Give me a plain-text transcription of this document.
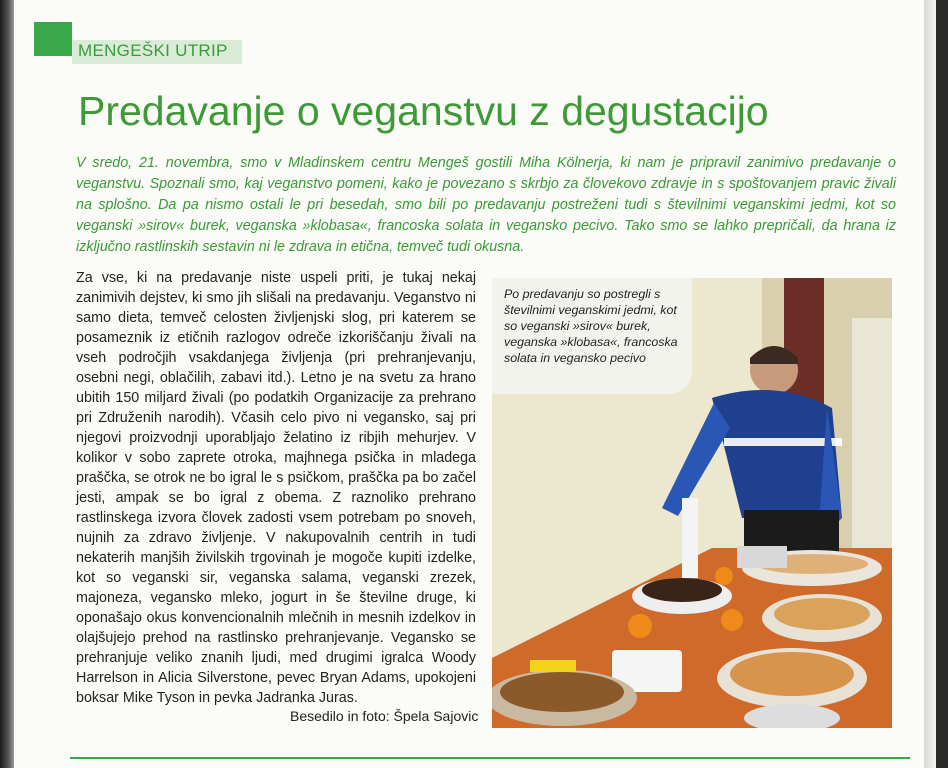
MENGEŠKI UTRIP
Predavanje o veganstvu z degustacijo

V sredo, 21. novembra, smo v Mladinskem centru Mengeš gostili Miha Kölnerja, ki nam je pripravil zanimivo predavanje o veganstvu. Spoznali smo, kaj veganstvo pomeni, kako je povezano s skrbjo za človekovo zdravje in s spoštovanjem pravic živali na splošno. Da pa nismo ostali le pri besedah, smo bili po predavanju postreženi tudi s številnimi veganskimi jedmi, kot so veganski »sirov« burek, veganska »klobasa«, francoska solata in vegansko pecivo. Tako smo se lahko prepričali, da hrana iz izključno rastlinskih sestavin ni le zdrava in etična, temveč tudi okusna.

Za vse, ki na predavanje niste uspeli priti, je tukaj nekaj zanimivih dejstev, ki smo jih slišali na predavanju. Veganstvo ni samo dieta, temveč celosten življenjski slog, pri katerem se posameznik iz etičnih razlogov odreče izkoriščanju živali na vseh področjih vsakdanjega življenja (pri prehranjevanju, osebni negi, oblačilih, zabavi itd.). Letno je na svetu za hrano ubitih 150 miljard živali (po podatkih Organizacije za prehrano pri Združenih narodih). Včasih celo pivo ni vegansko, saj pri njegovi proizvodnji uporabljajo želatino iz ribjih mehurjev. V kolikor v sobo zaprete otroka, majhnega psička in mladega praščka, se otrok ne bo igral le s psičkom, praščka pa bo začel jesti, ampak se bo igral z obema. Z raznoliko prehrano rastlinskega izvora človek zadosti vsem potrebam po snoveh, nujnih za zdravo življenje. V nakupovalnih centrih in tudi nekaterih manjših živilskih trgovinah je mogoče kupiti izdelke, kot so veganski sir, veganska salama, veganski zrezek, majoneza, vegansko mleko, jogurt in še številne druge, ki oponašajo okus konvencionalnih mlečnih in mesnih izdelkov in olajšujejo prehod na rastlinsko prehranjevanje. Vegansko se prehranjuje veliko znanih ljudi, med drugimi igralca Woody Harrelson in Alicia Silverstone, pevec Bryan Adams, upokojeni boksar Mike Tyson in pevka Jadranka Juras.

Besedilo in foto: Špela Sajovic
Po predavanju so postregli s številnimi veganskimi jedmi, kot so veganski »sirov« burek, veganska »klobasa«, francoska solata in vegansko pecivo
